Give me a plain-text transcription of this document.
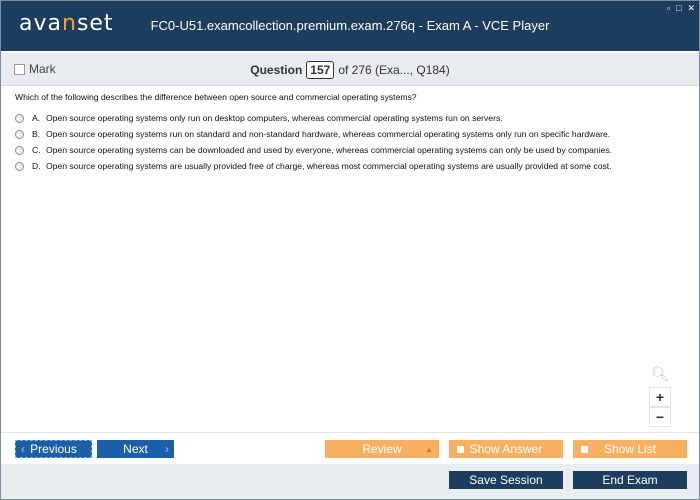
avanset	FC0-U51.examcollection.premium.exam.276q - Exam A - VCE Player
▫ □ ✕
Mark	Question 157 of 276 (Exa..., Q184)
Which of the following describes the difference between open source and commercial operating systems?
A. Open source operating systems only run on desktop computers, whereas commercial operating systems run on servers.
B. Open source operating systems run on standard and non-standard hardware, whereas commercial operating systems only run on specific hardware.
C. Open source operating systems can be downloaded and used by everyone, whereas commercial operating systems can only be used by companies.
D. Open source operating systems are usually provided free of charge, whereas most commercial operating systems are usually provided at some cost.
🔍︎
+
−
‹ Previous	Next ›	Review	▲	Show Answer	Show List
Save Session	End Exam
